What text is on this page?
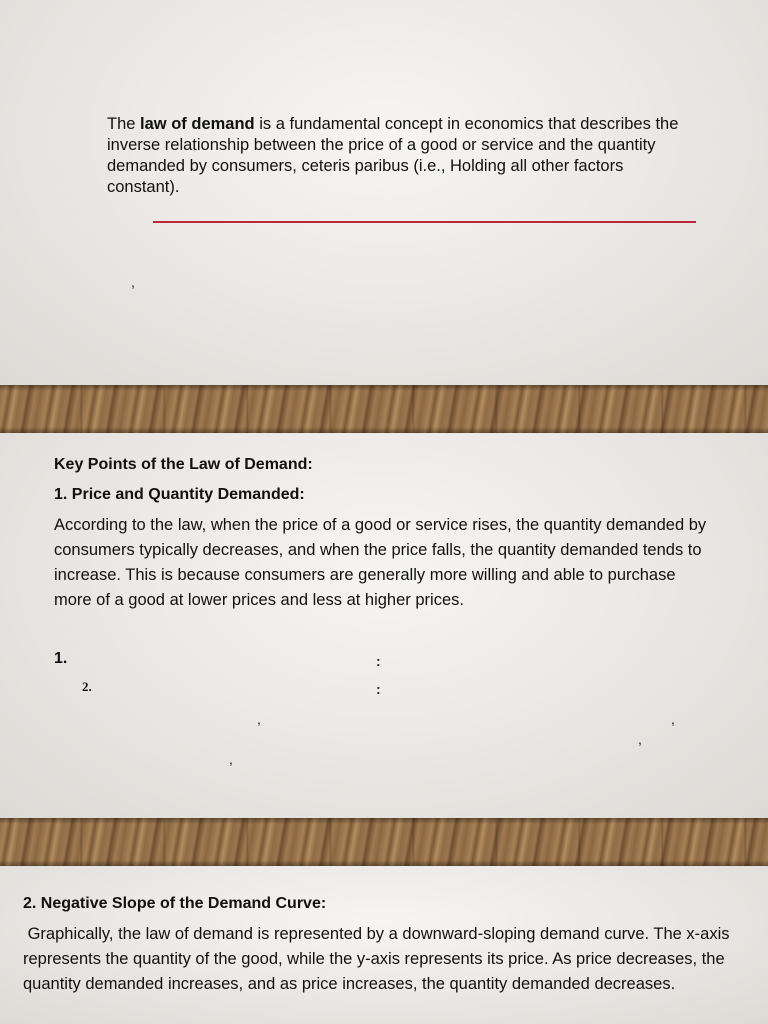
The law of demand is a fundamental concept in economics that describes the inverse relationship between the price of a good or service and the quantity demanded by consumers, ceteris paribus (i.e., Holding all other factors constant).

,

Key Points of the Law of Demand:

1. Price and Quantity Demanded:

According to the law, when the price of a good or service rises, the quantity demanded by consumers typically decreases, and when the price falls, the quantity demanded tends to increase. This is because consumers are generally more willing and able to purchase more of a good at lower prices and less at higher prices.

1.	:
2.	:
,	,
,
,

2. Negative Slope of the Demand Curve:

Graphically, the law of demand is represented by a downward-sloping demand curve. The x-axis represents the quantity of the good, while the y-axis represents its price. As price decreases, the quantity demanded increases, and as price increases, the quantity demanded decreases.
